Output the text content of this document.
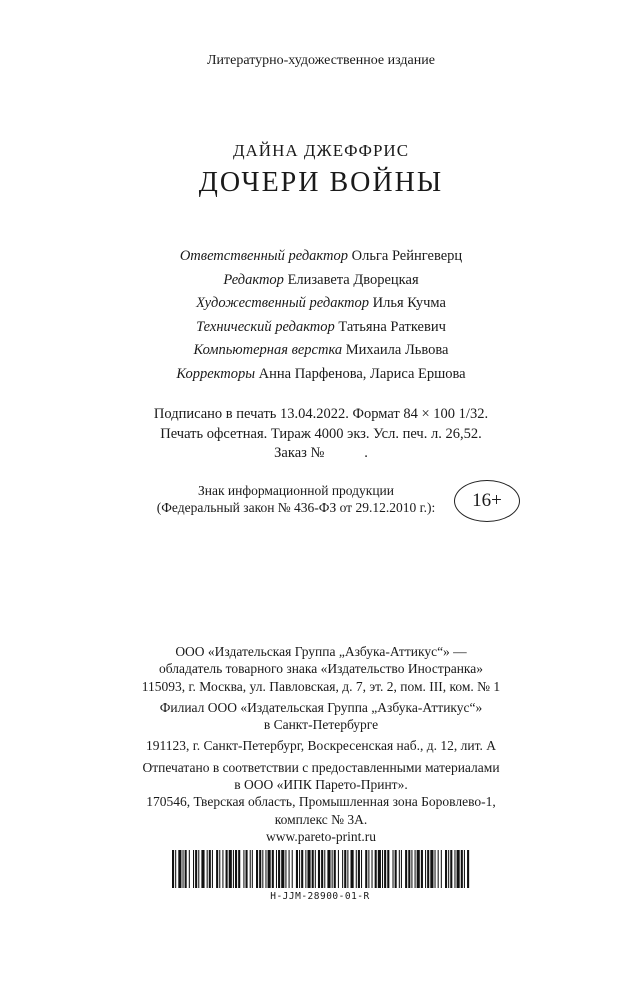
Литературно-художественное издание
ДАЙНА ДЖЕФФРИС
ДОЧЕРИ ВОЙНЫ
Ответственный редактор Ольга Рейнгеверц
Редактор Елизавета Дворецкая
Художественный редактор Илья Кучма
Технический редактор Татьяна Раткевич
Компьютерная верстка Михаила Львова
Корректоры Анна Парфенова, Лариса Ершова
Подписано в печать 13.04.2022. Формат 84 × 100 1/32.
Печать офсетная. Тираж 4000 экз. Усл. печ. л. 26,52.
Заказ №           .
Знак информационной продукции
(Федеральный закон № 436-ФЗ от 29.12.2010 г.):	16+
ООО «Издательская Группа „Азбука-Аттикус“» —
обладатель товарного знака «Издательство Иностранка»
115093, г. Москва, ул. Павловская, д. 7, эт. 2, пом. III, ком. № 1
Филиал ООО «Издательская Группа „Азбука-Аттикус“»
в Санкт-Петербурге
191123, г. Санкт-Петербург, Воскресенская наб., д. 12, лит. А
Отпечатано в соответствии с предоставленными материалами
в ООО «ИПК Парето-Принт».
170546, Тверская область, Промышленная зона Боровлево-1,
комплекс № 3А.
www.pareto-print.ru
H-JJM-28900-01-R
